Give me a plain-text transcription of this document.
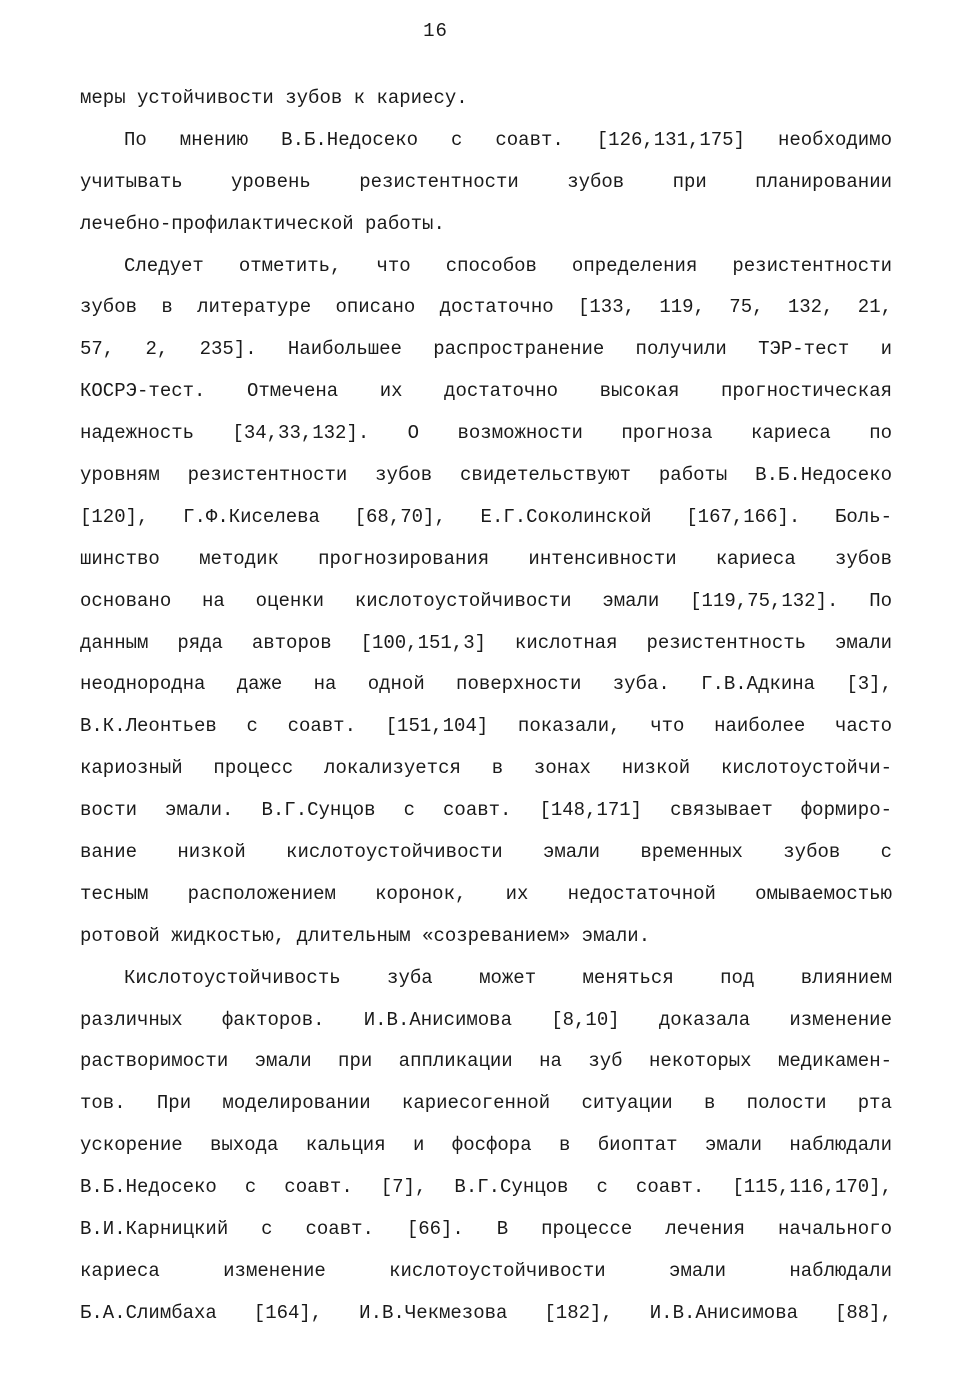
16
меры устойчивости зубов к кариесу.
По мнению В.Б.Недосеко с соавт. [126,131,175] необходимо
учитывать уровень резистентности зубов при планировании
лечебно-профилактической работы.
Следует отметить, что способов определения резистентности
зубов в литературе описано достаточно [133, 119, 75, 132, 21,
57, 2, 235]. Наибольшее распространение получили ТЭР-тест и
КОСРЭ-тест. Отмечена их достаточно высокая прогностическая
надежность [34,33,132]. О возможности прогноза кариеса по
уровням резистентности зубов свидетельствуют работы В.Б.Недосеко
[120], Г.Ф.Киселева [68,70], Е.Г.Соколинской [167,166]. Боль-
шинство методик прогнозирования интенсивности кариеса зубов
основано на оценки кислотоустойчивости эмали [119,75,132]. По
данным ряда авторов [100,151,3] кислотная резистентность эмали
неоднородна даже на одной поверхности зуба. Г.В.Адкина [3],
В.К.Леонтьев с соавт. [151,104] показали, что наиболее часто
кариозный процесс локализуется в зонах низкой кислотоустойчи-
вости эмали. В.Г.Сунцов с соавт. [148,171] связывает формиро-
вание низкой кислотоустойчивости эмали временных зубов с
тесным расположением коронок, их недостаточной омываемостью
ротовой жидкостью, длительным «созреванием» эмали.
Кислотоустойчивость зуба может меняться под влиянием
различных факторов. И.В.Анисимова [8,10] доказала изменение
растворимости эмали при аппликации на зуб некоторых медикамен-
тов. При моделировании кариесогенной ситуации в полости рта
ускорение выхода кальция и фосфора в биоптат эмали наблюдали
В.Б.Недосеко с соавт. [7], В.Г.Сунцов с соавт. [115,116,170],
В.И.Карницкий с соавт. [66]. В процессе лечения начального
кариеса изменение кислотоустойчивости эмали наблюдали
Б.А.Слимбаха [164], И.В.Чекмезова [182], И.В.Анисимова [88],
